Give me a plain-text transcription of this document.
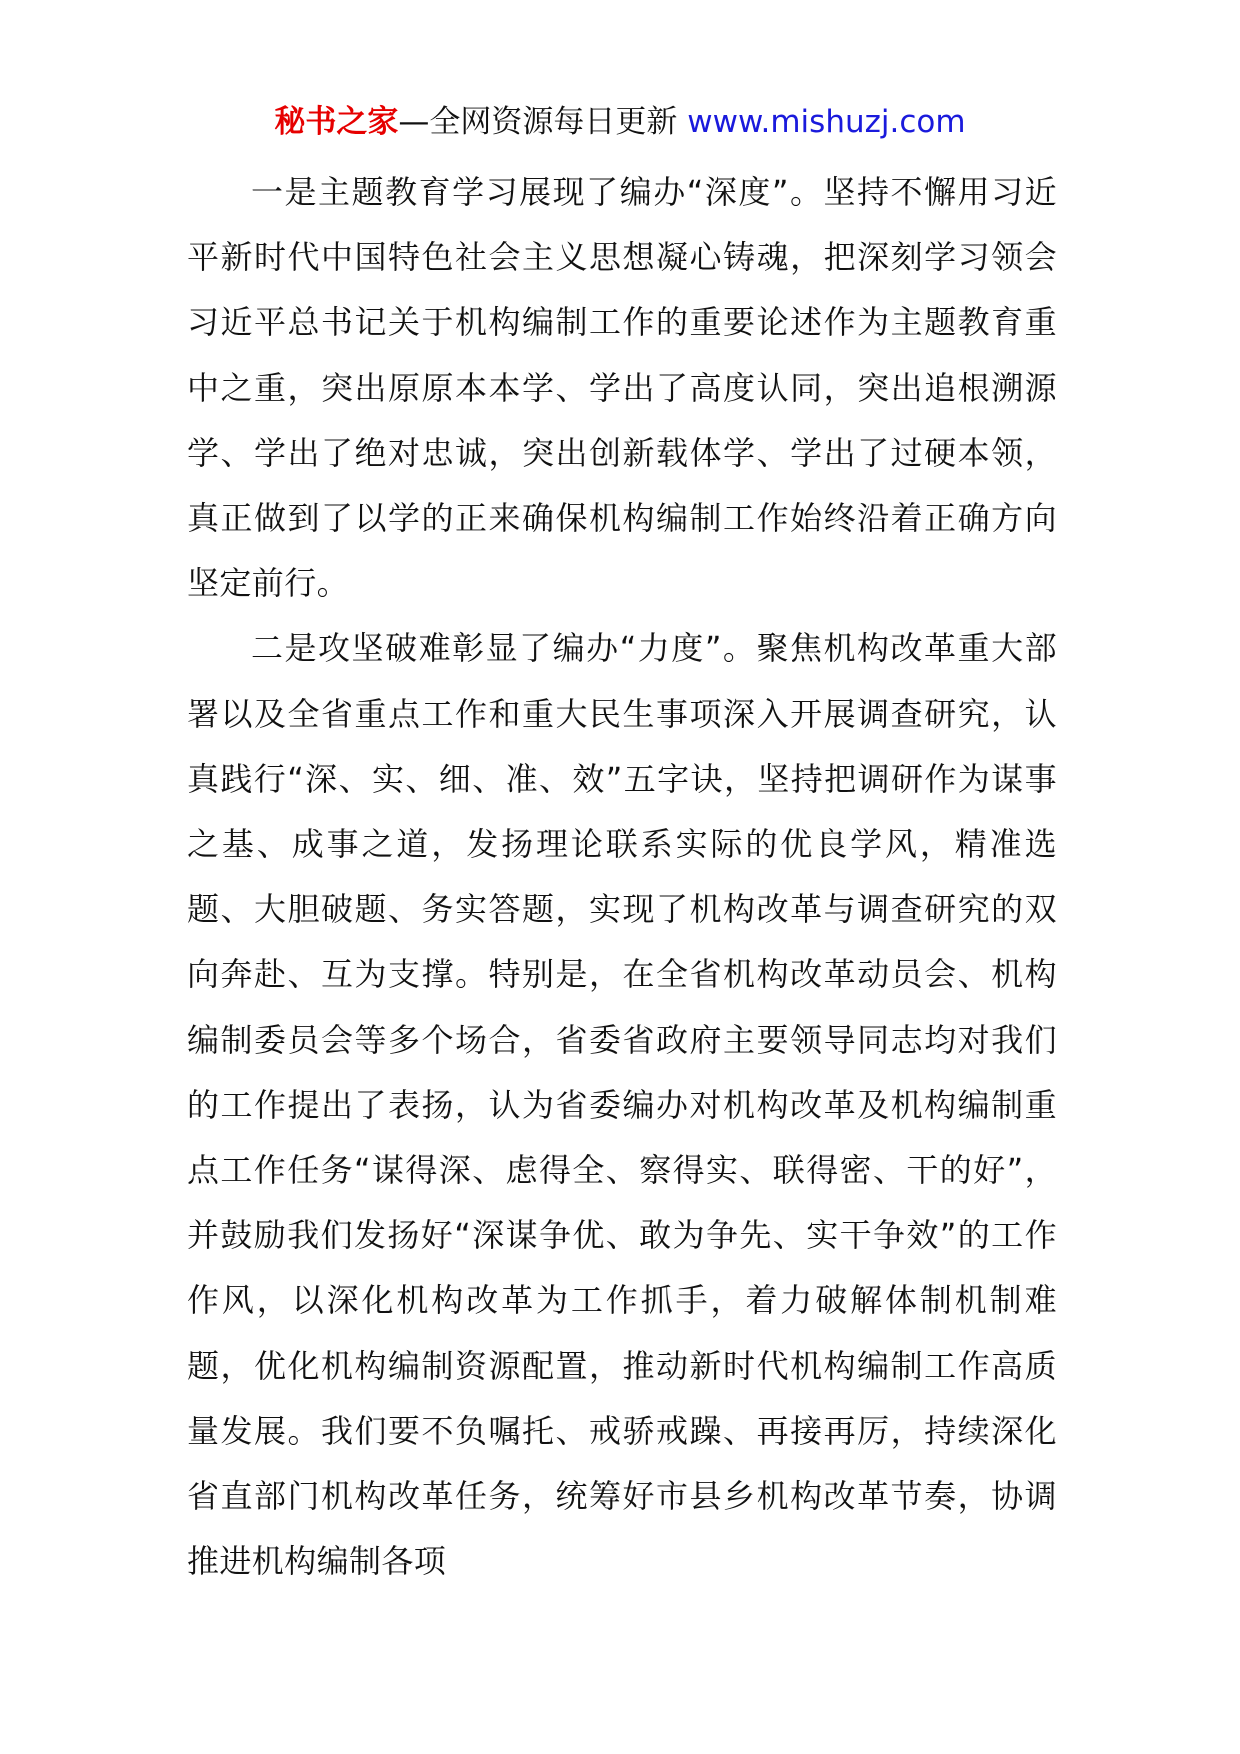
秘书之家—全网资源每日更新 www.mishuzj.com

一是主题教育学习展现了编办“深度”。坚持不懈用习近平新时代中国特色社会主义思想凝心铸魂，把深刻学习领会习近平总书记关于机构编制工作的重要论述作为主题教育重中之重，突出原原本本学、学出了高度认同，突出追根溯源学、学出了绝对忠诚，突出创新载体学、学出了过硬本领，真正做到了以学的正来确保机构编制工作始终沿着正确方向坚定前行。

二是攻坚破难彰显了编办“力度”。聚焦机构改革重大部署以及全省重点工作和重大民生事项深入开展调查研究，认真践行“深、实、细、准、效”五字诀，坚持把调研作为谋事之基、成事之道，发扬理论联系实际的优良学风，精准选题、大胆破题、务实答题，实现了机构改革与调查研究的双向奔赴、互为支撑。特别是，在全省机构改革动员会、机构编制委员会等多个场合，省委省政府主要领导同志均对我们的工作提出了表扬，认为省委编办对机构改革及机构编制重点工作任务“谋得深、虑得全、察得实、联得密、干的好”，并鼓励我们发扬好“深谋争优、敢为争先、实干争效”的工作作风，以深化机构改革为工作抓手，着力破解体制机制难题，优化机构编制资源配置，推动新时代机构编制工作高质量发展。我们要不负嘱托、戒骄戒躁、再接再厉，持续深化省直部门机构改革任务，统筹好市县乡机构改革节奏，协调推进机构编制各项
